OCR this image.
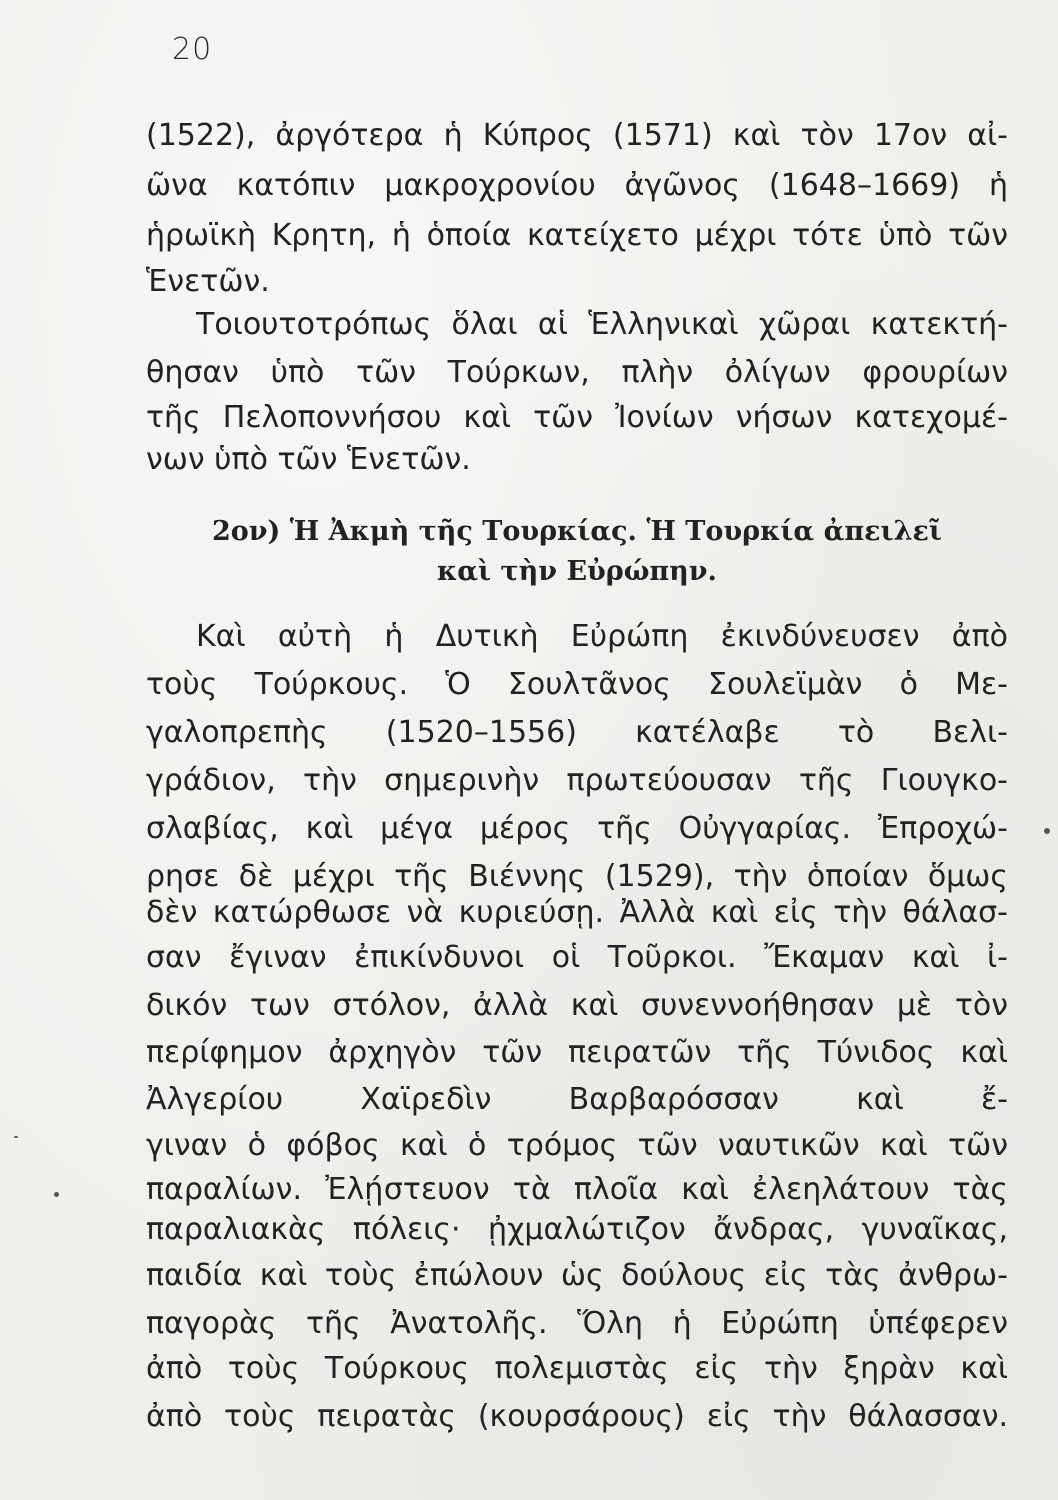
20
(1522), ἀργότερα ἡ Κύπρος (1571) καὶ τὸν 17ον αἰ-
ῶνα κατόπιν μακροχρονίου ἀγῶνος (1648–1669) ἡ
ἡρωϊκὴ Κρητη, ἡ ὁποία κατείχετο μέχρι τότε ὑπὸ τῶν
Ἑνετῶν.
Τοιουτοτρόπως ὅλαι αἱ Ἑλληνικαὶ χῶραι κατεκτή-
θησαν ὑπὸ τῶν Τούρκων, πλὴν ὀλίγων φρουρίων
τῆς Πελοποννήσου καὶ τῶν Ἰονίων νήσων κατεχομέ-
νων ὑπὸ τῶν Ἑνετῶν.
2ον) Ἡ Ἀκμὴ τῆς Τουρκίας. Ἡ Τουρκία ἀπειλεῖ
καὶ τὴν Εὐρώπην.
Καὶ αὐτὴ ἡ Δυτικὴ Εὐρώπη ἐκινδύνευσεν ἀπὸ
τοὺς Τούρκους. Ὁ Σουλτᾶνος Σουλεϊμὰν ὁ Με-
γαλοπρεπὴς (1520–1556) κατέλαβε τὸ Βελι-
γράδιον, τὴν σημερινὴν πρωτεύουσαν τῆς Γιουγκο-
σλαβίας, καὶ μέγα μέρος τῆς Οὐγγαρίας. Ἐπροχώ-
ρησε δὲ μέχρι τῆς Βιέννης (1529), τὴν ὁποίαν ὅμως
δὲν κατώρθωσε νὰ κυριεύσῃ. Ἀλλὰ καὶ εἰς τὴν θάλασ-
σαν ἔγιναν ἐπικίνδυνοι οἱ Τοῦρκοι. Ἔκαμαν καὶ ἰ-
δικόν των στόλον, ἀλλὰ καὶ συνεννοήθησαν μὲ τὸν
περίφημον ἀρχηγὸν τῶν πειρατῶν τῆς Τύνιδος καὶ
Ἀλγερίου Χαϊρεδὶν Βαρβαρόσσαν καὶ ἔ-
γιναν ὁ φόβος καὶ ὁ τρόμος τῶν ναυτικῶν καὶ τῶν
παραλίων. Ἐλῄστευον τὰ πλοῖα καὶ ἐλεηλάτουν τὰς
παραλιακὰς πόλεις· ᾐχμαλώτιζον ἄνδρας, γυναῖκας,
παιδία καὶ τοὺς ἐπώλουν ὡς δούλους εἰς τὰς ἀνθρω-
παγορὰς τῆς Ἀνατολῆς. Ὅλη ἡ Εὐρώπη ὑπέφερεν
ἀπὸ τοὺς Τούρκους πολεμιστὰς εἰς τὴν ξηρὰν καὶ
ἀπὸ τοὺς πειρατὰς (κουρσάρους) εἰς τὴν θάλασσαν.
